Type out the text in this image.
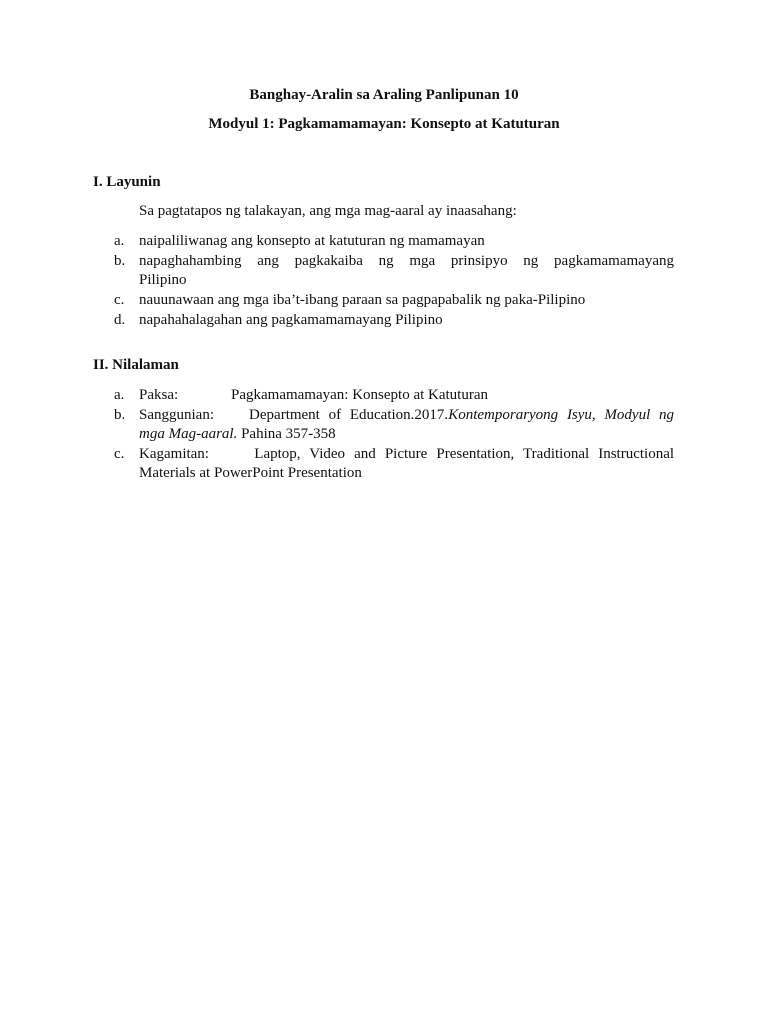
Banghay-Aralin sa Araling Panlipunan 10

Modyul 1: Pagkamamamayan: Konsepto at Katuturan

I. Layunin

Sa pagtatapos ng talakayan, ang mga mag-aaral ay inaasahang:

a. naipaliliwanag ang konsepto at katuturan ng mamamayan
b. napaghahambing ang pagkakaiba ng mga prinsipyo ng pagkamamamayang
Pilipino
c. nauunawaan ang mga iba’t-ibang paraan sa pagpapabalik ng paka-Pilipino
d. napahahalagahan ang pagkamamamayang Pilipino

II. Nilalaman

a. Paksa:	Pagkamamamayan: Konsepto at Katuturan
b. Sanggunian: Department of Education.2017.Kontemporaryong Isyu, Modyul ng
mga Mag-aaral. Pahina 357-358
c. Kagamitan:	Laptop, Video and Picture Presentation, Traditional Instructional
Materials at PowerPoint Presentation
